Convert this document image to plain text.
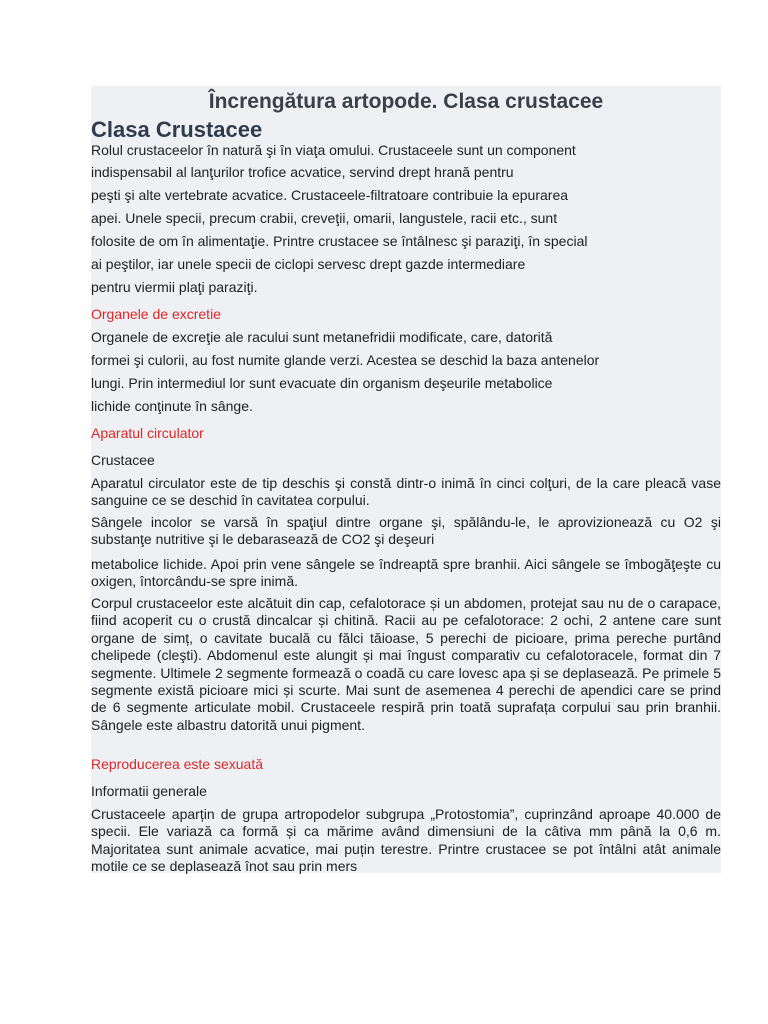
Încrengătura artopode. Clasa crustacee
Clasa Crustacee
Rolul crustaceelor în natură şi în viaţa omului. Crustaceele sunt un component
indispensabil al lanţurilor trofice acvatice, servind drept hrană pentru
peşti şi alte vertebrate acvatice. Crustaceele-filtratoare contribuie la epurarea
apei. Unele specii, precum crabii, creveţii, omarii, langustele, racii etc., sunt
folosite de om în alimentaţie. Printre crustacee se întâlnesc şi paraziţi, în special
ai peştilor, iar unele specii de ciclopi servesc drept gazde intermediare
pentru viermii plaţi paraziţi.
Organele de excretie
Organele de excreţie ale racului sunt metanefridii modificate, care, datorită
formei şi culorii, au fost numite glande verzi. Acestea se deschid la baza antenelor
lungi. Prin intermediul lor sunt evacuate din organism deşeurile metabolice
lichide conţinute în sânge.
Aparatul circulator
Crustacee

Aparatul circulator este de tip deschis şi constă dintr-o inimă în cinci colţuri, de la care pleacă vase sanguine ce se deschid în cavitatea corpului.

Sângele incolor se varsă în spaţiul dintre organe şi, spălându-le, le aprovizionează cu O2 şi substanţe nutritive şi le debarasează de CO2 şi deşeuri

metabolice lichide. Apoi prin vene sângele se îndreaptă spre branhii. Aici sângele se îmbogăţeşte cu oxigen, întorcându-se spre inimă.

Corpul crustaceelor este alcătuit din cap, cefalotorace și un abdomen, protejat sau nu de o carapace, fiind acoperit cu o crustă dincalcar și chitină. Racii au pe cefalotorace: 2 ochi, 2 antene care sunt organe de simț, o cavitate bucală cu fălci tăioase, 5 perechi de picioare, prima pereche purtând chelipede (cleşti). Abdomenul este alungit și mai îngust comparativ cu cefalotoracele, format din 7 segmente. Ultimele 2 segmente formează o coadă cu care lovesc apa și se deplasează. Pe primele 5 segmente există picioare mici și scurte. Mai sunt de asemenea 4 perechi de apendici care se prind de 6 segmente articulate mobil. Crustaceele respiră prin toată suprafața corpului sau prin branhii. Sângele este albastru datorită unui pigment.

Reproducerea este sexuată
Informatii generale

Crustaceele aparțin de grupa artropodelor subgrupa „Protostomia”, cuprinzând aproape 40.000 de specii. Ele variază ca formă și ca mărime având dimensiuni de la câtiva mm până la 0,6 m. Majoritatea sunt animale acvatice, mai puțin terestre. Printre crustacee se pot întâlni atât animale motile ce se deplasează înot sau prin mers
